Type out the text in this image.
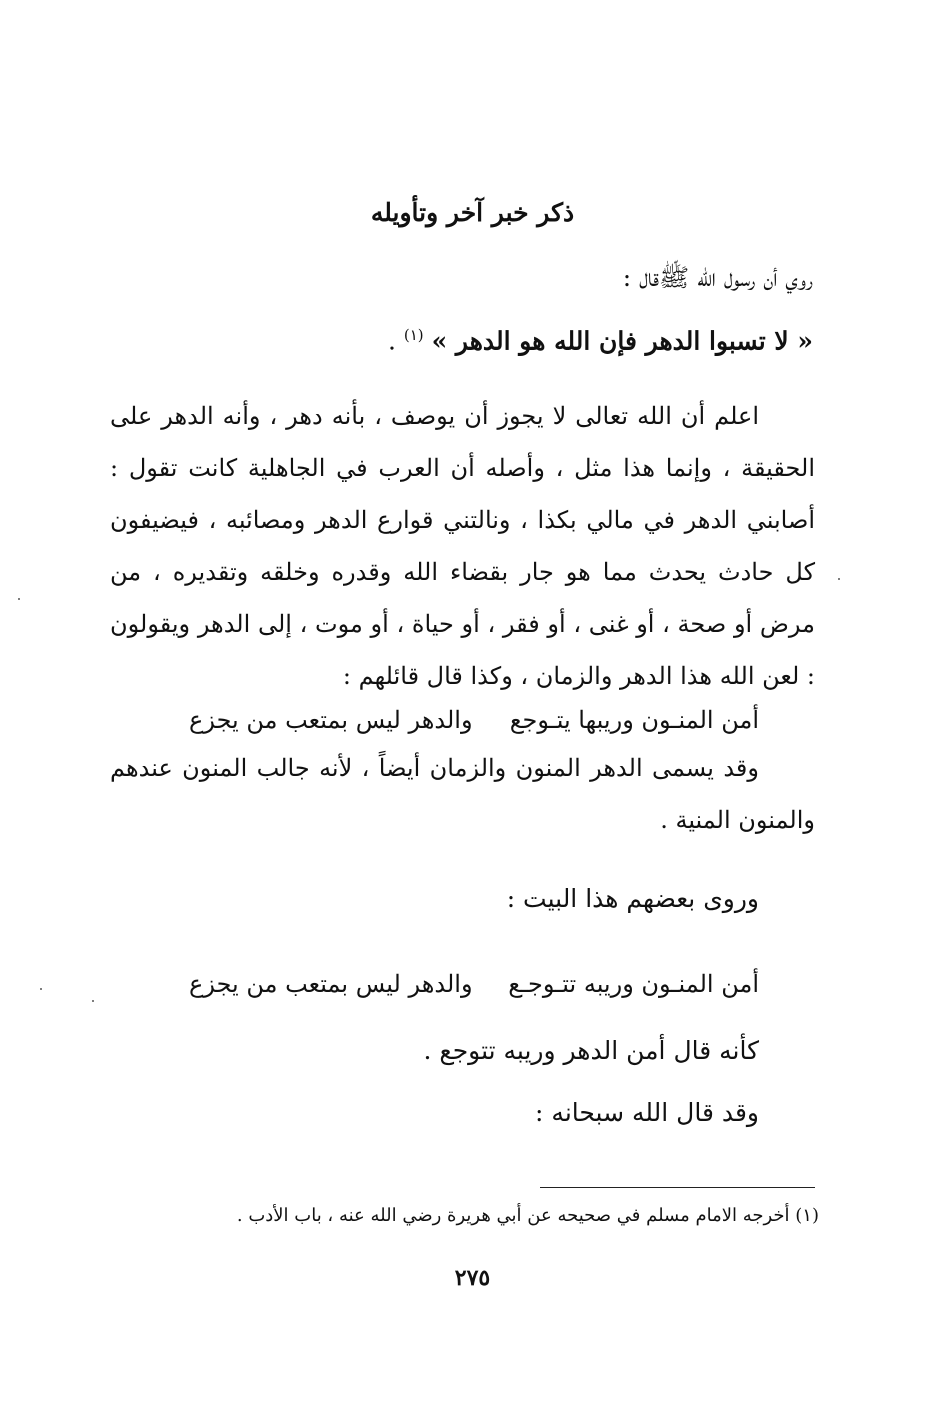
ذكر خبر آخر وتأويله
روي أن رسول الله ﷺقال :
« لا تسبوا الدهر فإن الله هو الدهر » $^{(١)}$ .
اعلم أن الله تعالى لا يجوز أن يوصف ، بأنه دهر ، وأنه الدهر على الحقيقة ، وإنما هذا مثل ، وأصله أن العرب في الجاهلية كانت تقول : أصابني الدهر في مالي بكذا ، ونالتني قوارع الدهر ومصائبه ، فيضيفون كل حادث يحدث مما هو جار بقضاء الله وقدره وخلقه وتقديره ، من مرض أو صحة ، أو غنى ، أو فقر ، أو حياة ، أو موت ، إلى الدهر ويقولون : لعن الله هذا الدهر والزمان ، وكذا قال قائلهم :
أمن المنـون وريبها يتـوجع
والدهر ليس بمتعب من يجزع
وقد يسمى الدهر المنون والزمان أيضاً ، لأنه جالب المنون عندهم والمنون المنية .
وروى بعضهم هذا البيت :
أمن المنـون وريبه تتـوجـع
والدهر ليس بمتعب من يجزع
كأنه قال أمن الدهر وريبه تتوجع .
وقد قال الله سبحانه :
(١) أخرجه الامام مسلم في صحيحه عن أبي هريرة رضي الله عنه ، باب الأدب .
٢٧٥
